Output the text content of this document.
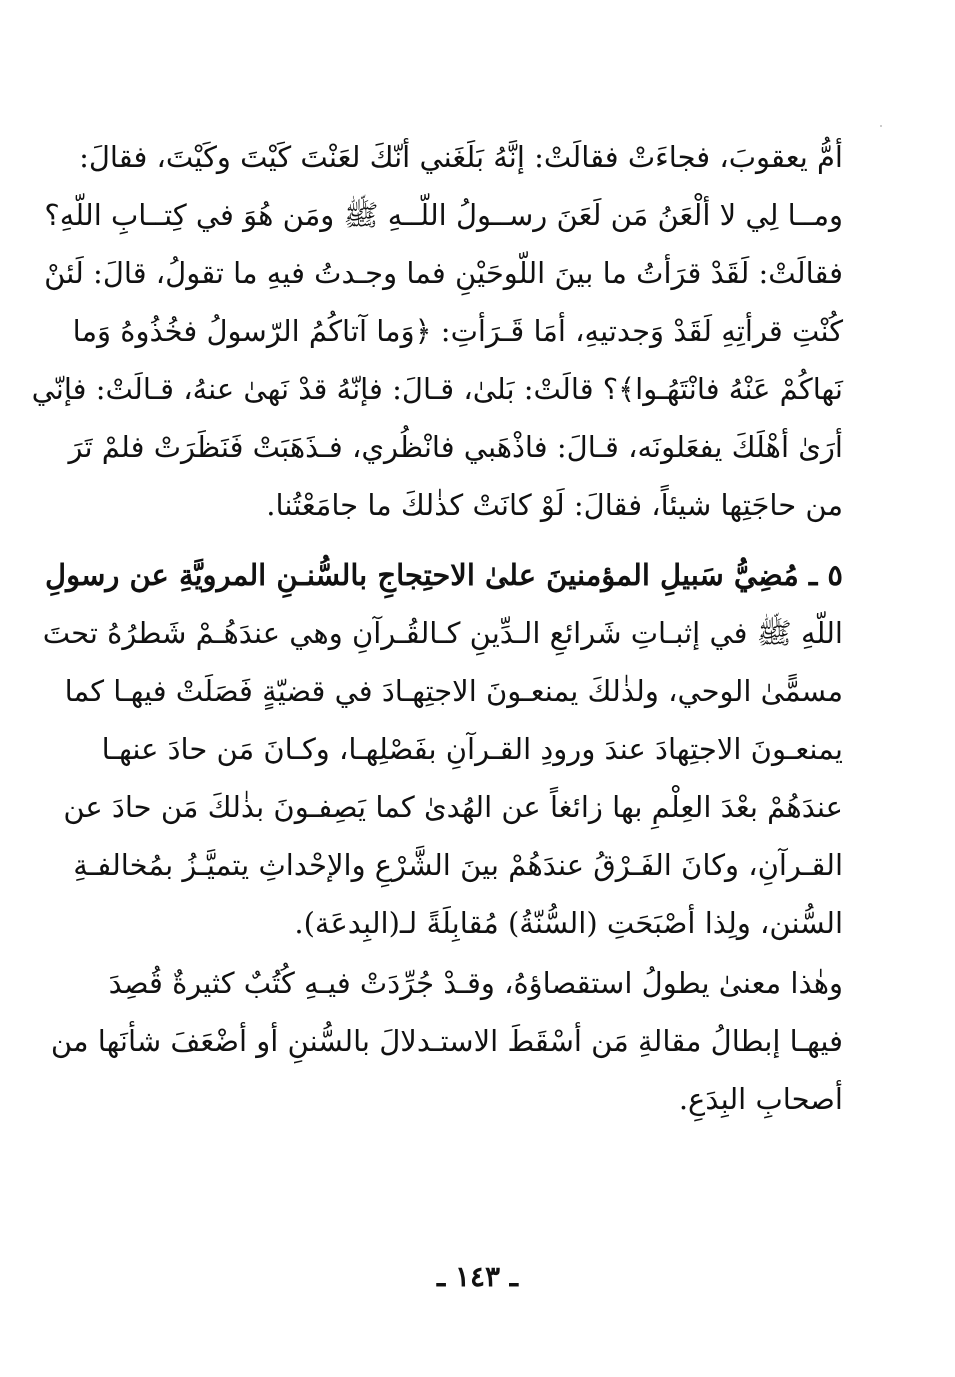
أمُّ يعقوبَ، فجاءَتْ فقالَتْ: إنَّهُ بَلَغَني أنّكَ لعَنْتَ كَيْتَ وكَيْتَ، فقالَ:
ومــا لِي لا ألْعَنُ مَن لَعَنَ رســولُ اللّــهِ ﷺ ومَن هُوَ في كِتــابِ اللّهِ؟
فقالَتْ: لَقَدْ قرَأتُ ما بينَ اللّوحَيْنِ فما وجـدتُ فيهِ ما تقولُ، قالَ: لَئنْ
كُنْتِ قرأتِهِ لَقَدْ وَجدتيهِ، أمَا قَـرَأتِ: ﴿وَما آتاكُمُ الرّسولُ فخُذُوهُ وَما
نَهاكُمْ عَنْهُ فانْتَهُـوا﴾؟ قالَتْ: بَلىٰ، قـالَ: فإنّهُ قدْ نَهىٰ عنهُ، قـالَتْ: فإنّي
أرَىٰ أهْلَكَ يفعَلونَه، قـالَ: فاذْهَبي فانْظُري، فـذَهَبَتْ فَنَظَرَتْ فلمْ تَرَ
من حاجَتِها شيئاً، فقالَ: لَوْ كانَتْ كذٰلكَ ما جامَعْتُنا.
٥ ـ مُضِيُّ سَبيلِ المؤمنينَ علىٰ الاحتِجاجِ بالسُّنـنِ المرويَّةِ عن رسولِ
اللّهِ ﷺ في إثبـاتِ شَرائعِ الـدِّينِ كـالقُـرآنِ وهي عندَهُـمْ شَطرُهُ تحتَ
مسمًّىٰ الوحي، ولذٰلكَ يمنعـونَ الاجتِهـادَ في قضيّةٍ فَصَلَتْ فيهـا كما
يمنعـونَ الاجتِهادَ عندَ ورودِ القـرآنِ بفَصْلِهـا، وكـانَ مَن حادَ عنهـا
عندَهُمْ بعْدَ العِلْمِ بها زائغاً عن الهُدىٰ كما يَصِفـونَ بذٰلكَ مَن حادَ عن
القـرآنِ، وكانَ الفَـرْقُ عندَهُمْ بينَ الشَّرْعِ والإحْداثِ يتميَّـزُ بمُخالفـةِ
السُّنن، ولِذا أصْبَحَتِ (السُّنّةُ) مُقابِلَةً لـ(البِدعَة).
وهٰذا معنىٰ يطولُ استقصاؤهُ، وقـدْ جُرِّدَتْ فيـهِ كُتُبٌ كثيرةٌ قُصِدَ
فيهـا إبطالُ مقالةِ مَن أسْقَطَ الاستـدلالَ بالسُّننِ أو أضْعَفَ شأنَها من
أصحابِ البِدَعِ.
ـ ١٤٣ ـ
